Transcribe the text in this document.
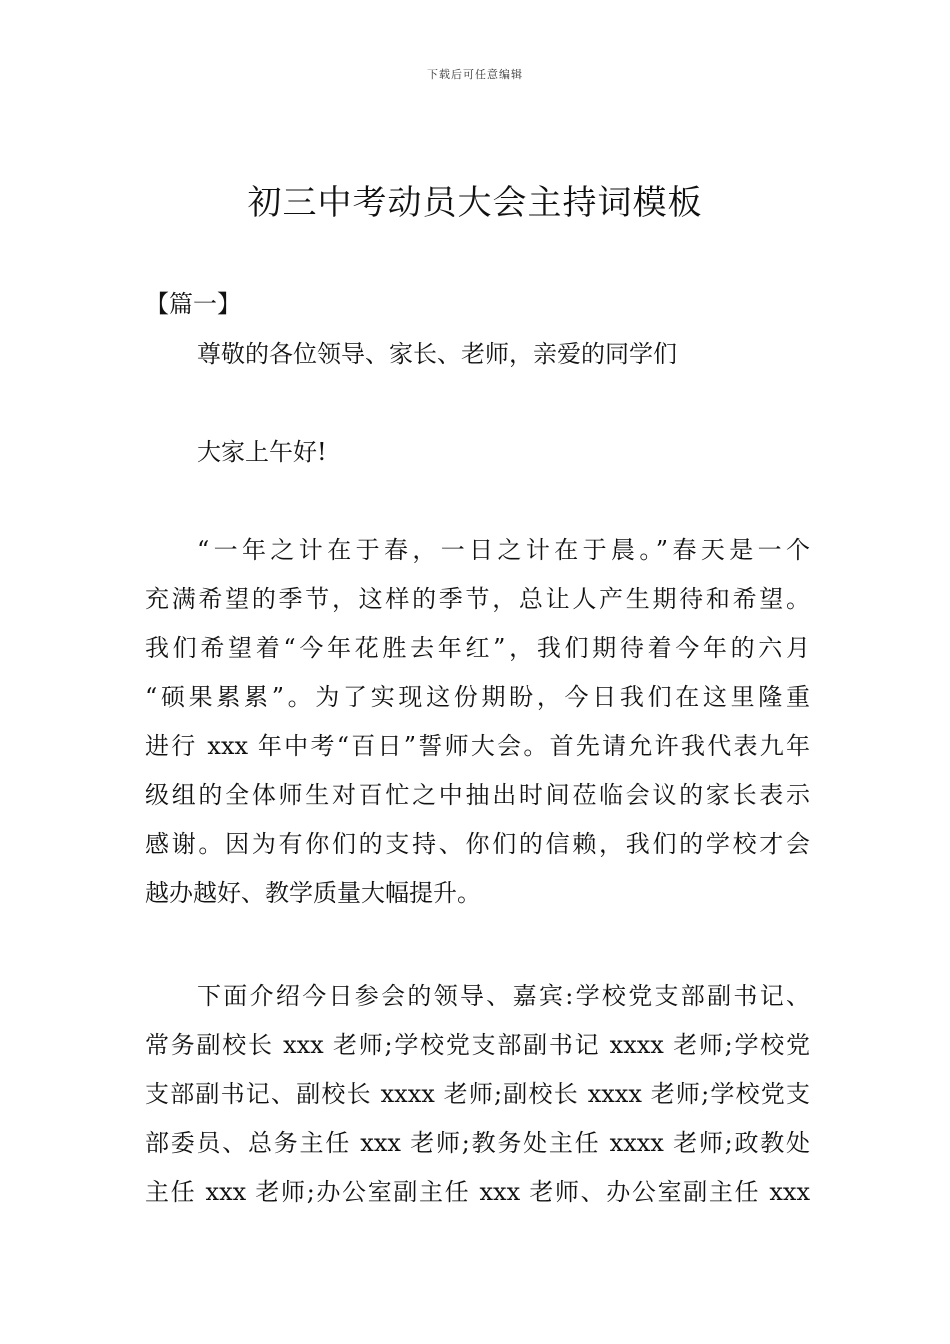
下载后可任意编辑
初三中考动员大会主持词模板
【篇一】
尊敬的各位领导、家长、老师，亲爱的同学们
大家上午好!
“一年之计在于春，一日之计在于晨。”春天是一个
充满希望的季节，这样的季节，总让人产生期待和希望。
我们希望着“今年花胜去年红”，我们期待着今年的六月
“硕果累累”。为了实现这份期盼，今日我们在这里隆重
进行 xxx 年中考“百日”誓师大会。首先请允许我代表九年
级组的全体师生对百忙之中抽出时间莅临会议的家长表示
感谢。因为有你们的支持、你们的信赖，我们的学校才会
越办越好、教学质量大幅提升。
下面介绍今日参会的领导、嘉宾:学校党支部副书记、
常务副校长 xxx 老师;学校党支部副书记 xxxx 老师;学校党
支部副书记、副校长 xxxx 老师;副校长 xxxx 老师;学校党支
部委员、总务主任 xxx 老师;教务处主任 xxxx 老师;政教处
主任 xxx 老师;办公室副主任 xxx 老师、办公室副主任 xxx
